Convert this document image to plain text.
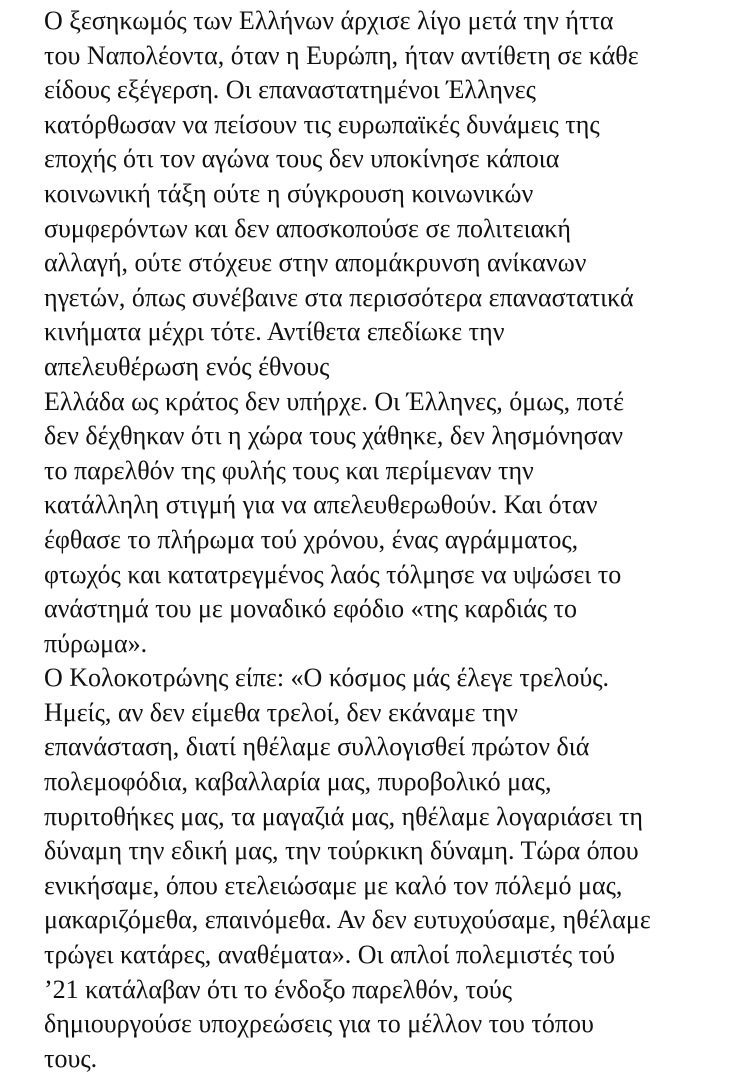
Ο ξεσηκωμός των Ελλήνων άρχισε λίγο μετά την ήττα
του Ναπολέοντα, όταν η Ευρώπη, ήταν αντίθετη σε κάθε
είδους εξέγερση. Οι επαναστατημένοι Έλληνες
κατόρθωσαν να πείσουν τις ευρωπαϊκές δυνάμεις της
εποχής ότι τον αγώνα τους δεν υποκίνησε κάποια
κοινωνική τάξη ούτε η σύγκρουση κοινωνικών
συμφερόντων και δεν αποσκοπούσε σε πολιτειακή
αλλαγή, ούτε στόχευε στην απομάκρυνση ανίκανων
ηγετών, όπως συνέβαινε στα περισσότερα επαναστατικά
κινήματα μέχρι τότε. Αντίθετα επεδίωκε την
απελευθέρωση ενός έθνους
Ελλάδα ως κράτος δεν υπήρχε. Οι Έλληνες, όμως, ποτέ
δεν δέχθηκαν ότι η χώρα τους χάθηκε, δεν λησμόνησαν
το παρελθόν της φυλής τους και περίμεναν την
κατάλληλη στιγμή για να απελευθερωθούν. Και όταν
έφθασε το πλήρωμα τού χρόνου, ένας αγράμματος,
φτωχός και κατατρεγμένος λαός τόλμησε να υψώσει το
ανάστημά του με μοναδικό εφόδιο «της καρδιάς το
πύρωμα».
Ο Κολοκοτρώνης είπε: «Ο κόσμος μάς έλεγε τρελούς.
Ημείς, αν δεν είμεθα τρελοί, δεν εκάναμε την
επανάσταση, διατί ηθέλαμε συλλογισθεί πρώτον διά
πολεμοφόδια, καβαλλαρία μας, πυροβολικό μας,
πυριτοθήκες μας, τα μαγαζιά μας, ηθέλαμε λογαριάσει τη
δύναμη την εδική μας, την τούρκικη δύναμη. Τώρα όπου
ενικήσαμε, όπου ετελειώσαμε με καλό τον πόλεμό μας,
μακαριζόμεθα, επαινόμεθα. Αν δεν ευτυχούσαμε, ηθέλαμε
τρώγει κατάρες, αναθέματα». Οι απλοί πολεμιστές τού
’21 κατάλαβαν ότι το ένδοξο παρελθόν, τούς
δημιουργούσε υποχρεώσεις για το μέλλον του τόπου
τους.
